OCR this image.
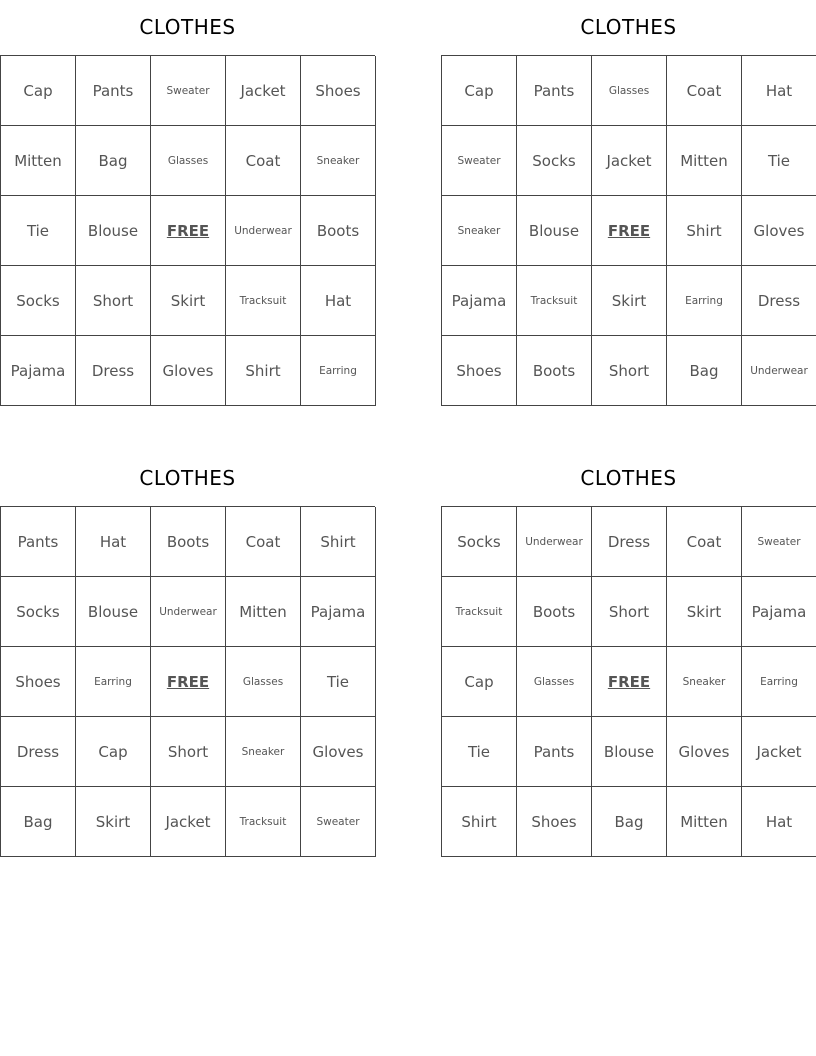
CLOTHES
Cap	Pants	Sweater	Jacket	Shoes
Mitten	Bag	Glasses	Coat	Sneaker
Tie	Blouse	FREE	Underwear	Boots
Socks	Short	Skirt	Tracksuit	Hat
Pajama	Dress	Gloves	Shirt	Earring
CLOTHES
Cap	Pants	Glasses	Coat	Hat
Sweater	Socks	Jacket	Mitten	Tie
Sneaker	Blouse	FREE	Shirt	Gloves
Pajama	Tracksuit	Skirt	Earring	Dress
Shoes	Boots	Short	Bag	Underwear
CLOTHES
Pants	Hat	Boots	Coat	Shirt
Socks	Blouse	Underwear	Mitten	Pajama
Shoes	Earring	FREE	Glasses	Tie
Dress	Cap	Short	Sneaker	Gloves
Bag	Skirt	Jacket	Tracksuit	Sweater
CLOTHES
Socks	Underwear	Dress	Coat	Sweater
Tracksuit	Boots	Short	Skirt	Pajama
Cap	Glasses	FREE	Sneaker	Earring
Tie	Pants	Blouse	Gloves	Jacket
Shirt	Shoes	Bag	Mitten	Hat
